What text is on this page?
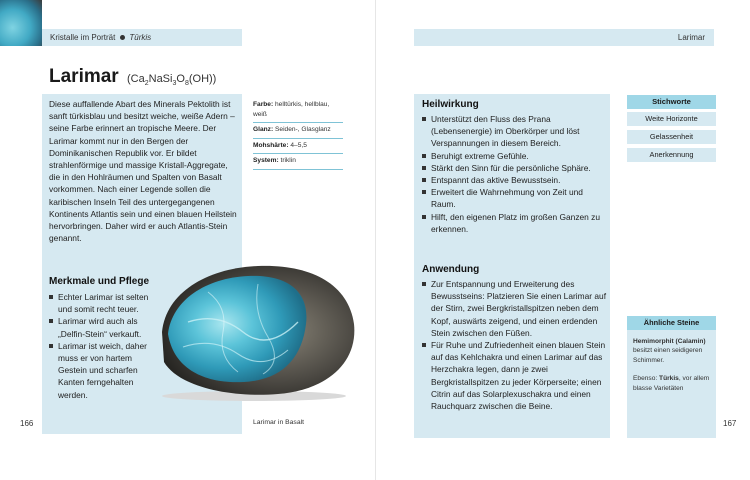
Kristalle im Porträt Türkis
Larimar $(Ca_2NaSi_3O_8(OH))$

Diese auffallende Abart des Minerals Pektolith ist sanft türkisblau und besitzt weiche, weiße Adern – seine Farbe erinnert an tropische Meere. Der Larimar kommt nur in den Bergen der Dominikanischen Republik vor. Er bildet strahlenförmige und massige Kristall-Aggregate, die in den Hohlräumen und Spalten von Basalt vorkommen. Nach einer Legende sollen die karibischen Inseln Teil des untergegangenen Kontinents Atlantis sein und einen blauen Heilstein hervorbringen. Daher wird er auch Atlantis-Stein genannt.

Farbe: helltürkis, hellblau, weiß
Glanz: Seiden-, Glasglanz
Mohshärte: 4–5,5
System: triklin
Merkmale und Pflege
Echter Larimar ist selten und somit recht teuer.
Larimar wird auch als „Delfin-Stein“ verkauft.
Larimar ist weich, daher muss er von hartem Gestein und scharfen Kanten ferngehalten werden.
Larimar in Basalt
166
Larimar
Heilwirkung
Unterstützt den Fluss des Prana (Lebensenergie) im Oberkörper und löst Verspannungen in diesem Bereich.
Beruhigt extreme Gefühle.
Stärkt den Sinn für die persönliche Sphäre.
Entspannt das aktive Bewusstsein.
Erweitert die Wahrnehmung von Zeit und Raum.
Hilft, den eigenen Platz im großen Ganzen zu erkennen.
Anwendung
Zur Entspannung und Erweiterung des Bewusstseins: Platzieren Sie einen Larimar auf der Stirn, zwei Bergkristallspitzen neben dem Kopf, auswärts zeigend, und einen erdenden Stein zwischen den Füßen.
Für Ruhe und Zufriedenheit einen blauen Stein auf das Kehlchakra und einen Larimar auf das Herzchakra legen, dann je zwei Bergkristallspitzen zu jeder Körperseite; einen Citrin auf das Solarplexuschakra und einen Rauchquarz zwischen die Beine.
Stichworte
Weite Horizonte
Gelassenheit
Anerkennung
Ähnliche Steine
Hemimorphit (Calamin) besitzt einen seidigeren Schimmer.
Ebenso: Türkis, vor allem blasse Varietäten
167
